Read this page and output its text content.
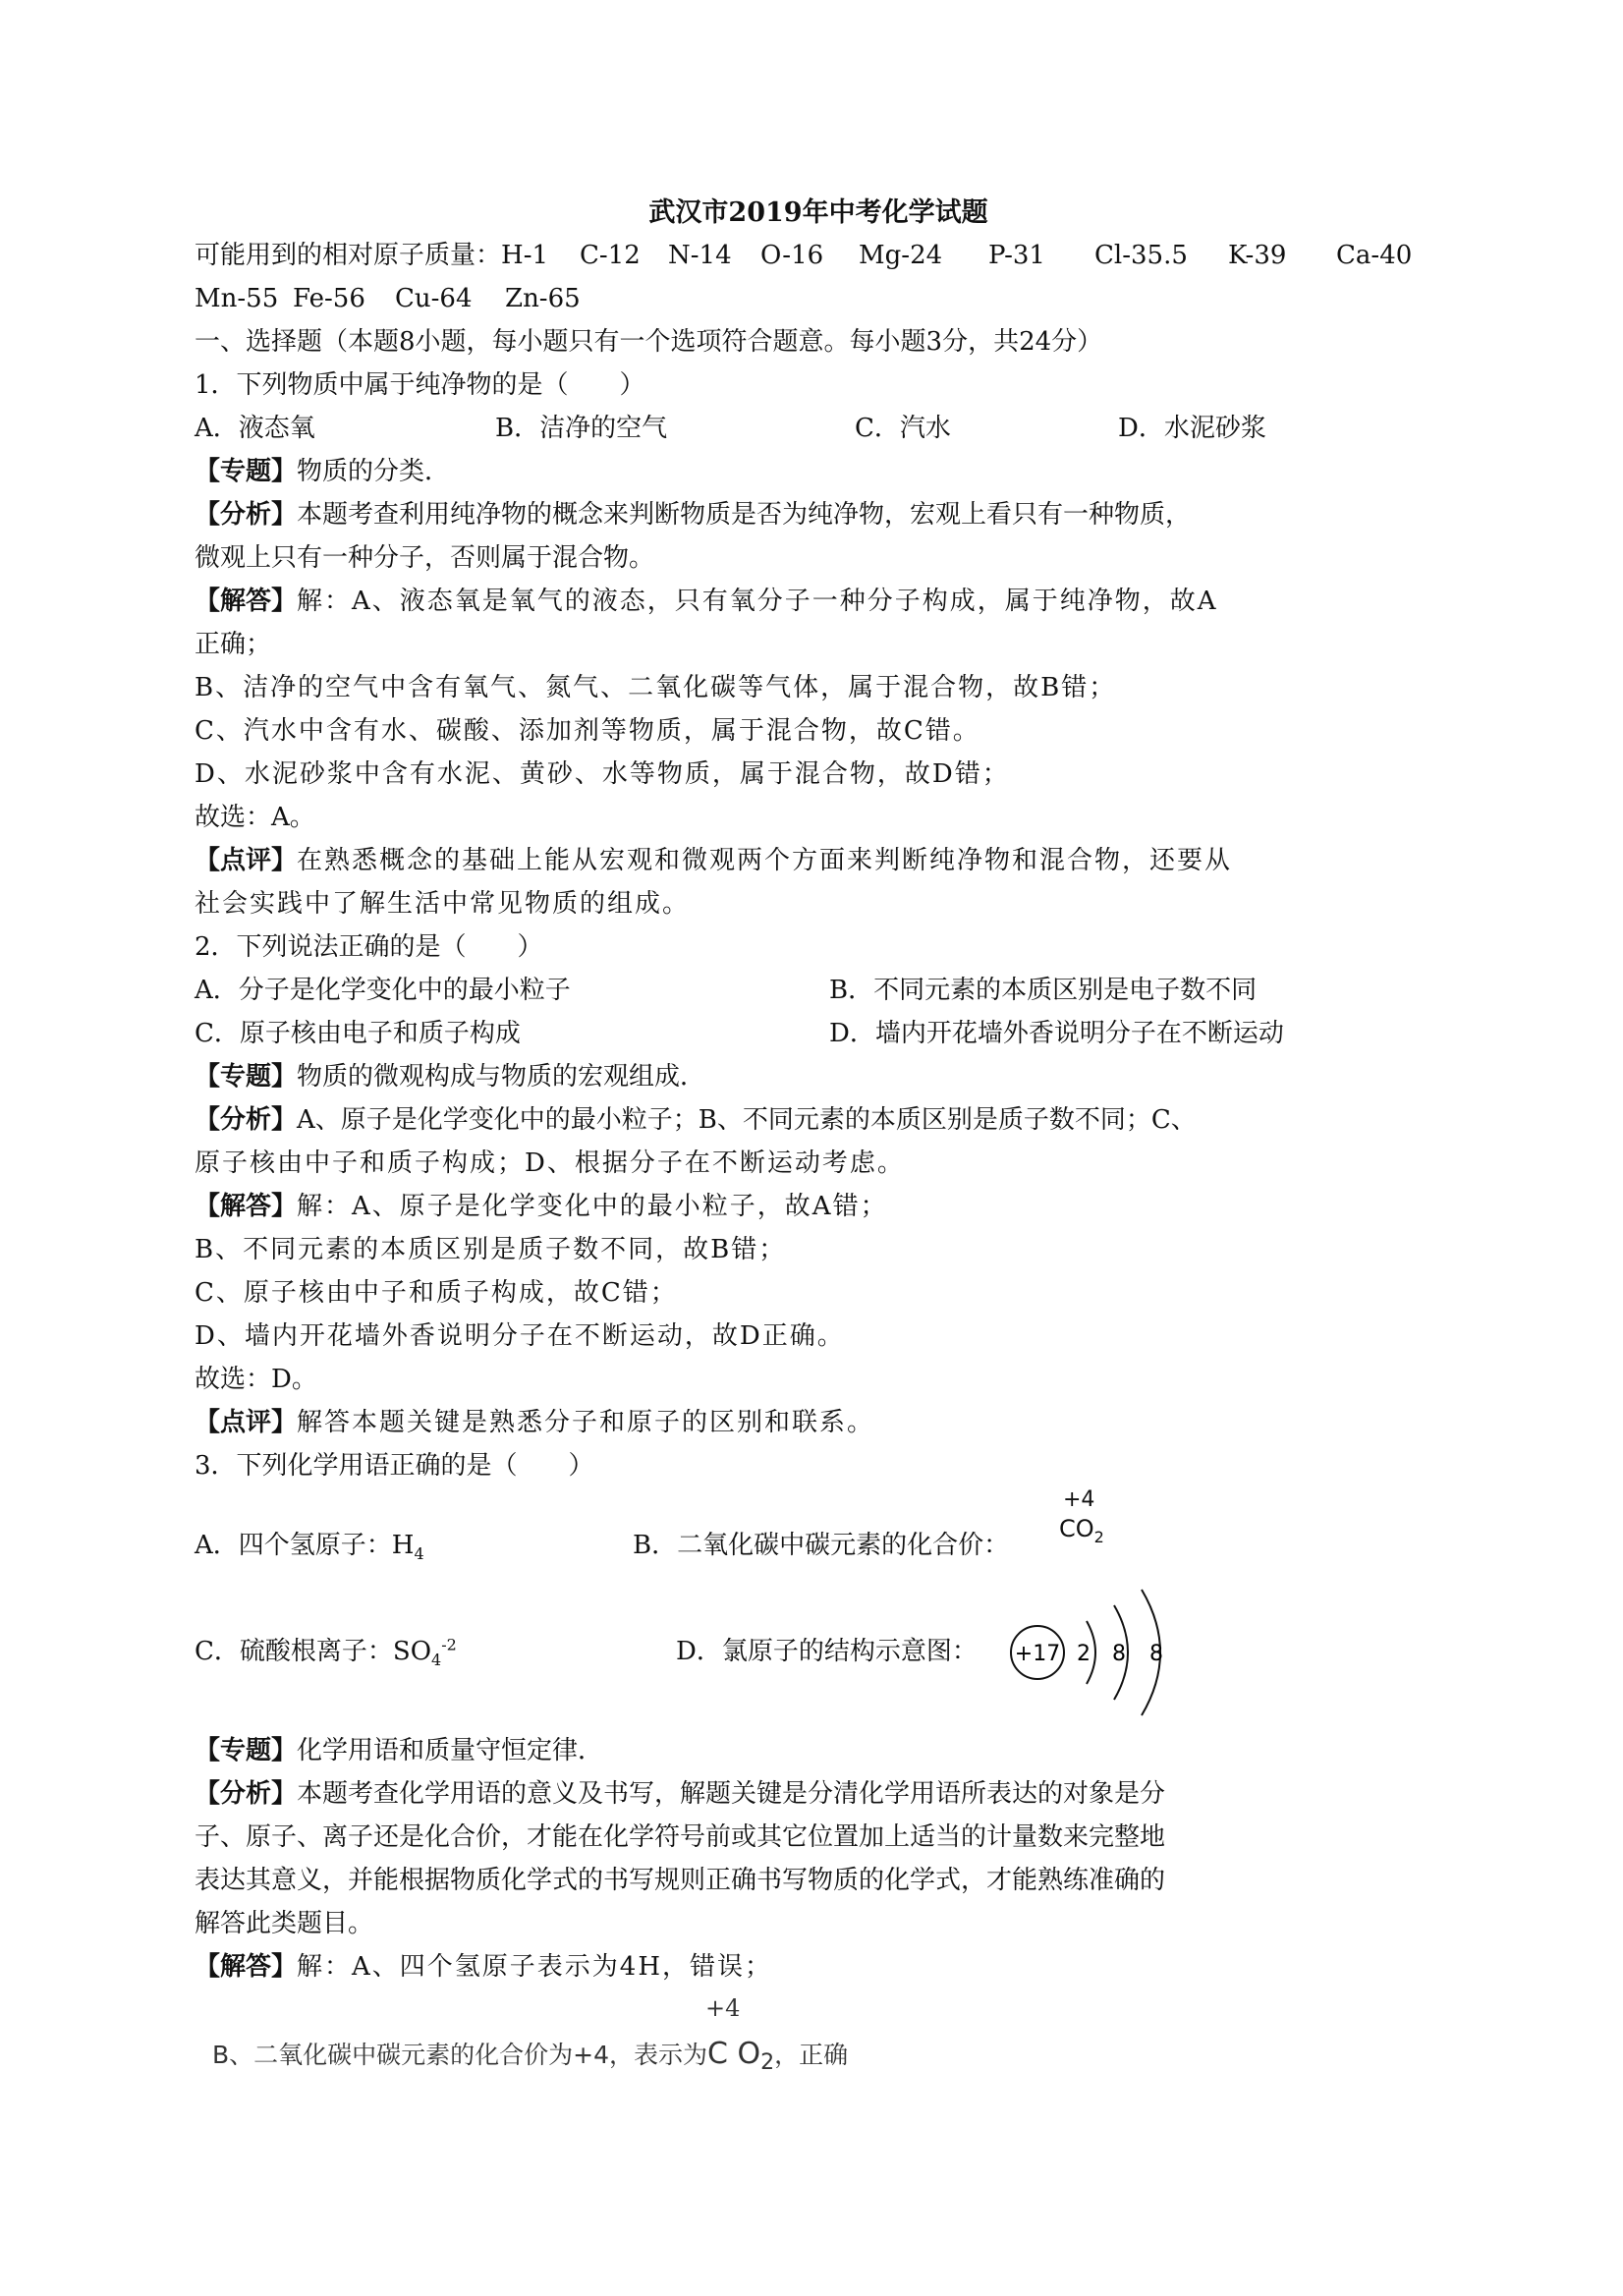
武汉市2019年中考化学试题
可能用到的相对原子质量： H-1	C-12	N-14	O-16	Mg-24	P-31	Cl-35.5	K-39	Ca-40
Mn-55 Fe-56	Cu-64	Zn-65
一、选择题（本题8小题，每小题只有一个选项符合题意。每小题3分，共24分）
1．下列物质中属于纯净物的是（　　）
A．液态氧	B．洁净的空气	C．汽水	D．水泥砂浆
【专题】物质的分类．
【分析】本题考查利用纯净物的概念来判断物质是否为纯净物，宏观上看只有一种物质，
微观上只有一种分子，否则属于混合物。
【解答】解：A、液态氧是氧气的液态，只有氧分子一种分子构成，属于纯净物，故A
正确；
B、洁净的空气中含有氧气、氮气、二氧化碳等气体，属于混合物，故B错；
C、汽水中含有水、碳酸、添加剂等物质，属于混合物，故C错。
D、水泥砂浆中含有水泥、黄砂、水等物质，属于混合物，故D错；
故选：A。
【点评】在熟悉概念的基础上能从宏观和微观两个方面来判断纯净物和混合物，还要从
社会实践中了解生活中常见物质的组成。
2．下列说法正确的是（　　）
A．分子是化学变化中的最小粒子	B．不同元素的本质区别是电子数不同
C．原子核由电子和质子构成	D．墙内开花墙外香说明分子在不断运动
【专题】物质的微观构成与物质的宏观组成．
【分析】A、原子是化学变化中的最小粒子；B、不同元素的本质区别是质子数不同；C、
原子核由中子和质子构成；D、根据分子在不断运动考虑。
【解答】解：A、原子是化学变化中的最小粒子，故A错；
B、不同元素的本质区别是质子数不同，故B错；
C、原子核由中子和质子构成，故C错；
D、墙内开花墙外香说明分子在不断运动，故D正确。
故选：D。
【点评】解答本题关键是熟悉分子和原子的区别和联系。
3．下列化学用语正确的是（　　）
A．四个氢原子：$H_4$	B．二氧化碳中碳元素的化合价：
+4
$CO_2$
C．硫酸根离子：$SO_4^{-2}$	D．氯原子的结构示意图： +17 2 8 8
【专题】化学用语和质量守恒定律．
【分析】本题考查化学用语的意义及书写，解题关键是分清化学用语所表达的对象是分
子、原子、离子还是化合价，才能在化学符号前或其它位置加上适当的计量数来完整地
表达其意义，并能根据物质化学式的书写规则正确书写物质的化学式，才能熟练准确的
解答此类题目。
【解答】解：A、四个氢原子表示为4H，错误；
+4
B、二氧化碳中碳元素的化合价为+4，表示为C $O_2$，正确
